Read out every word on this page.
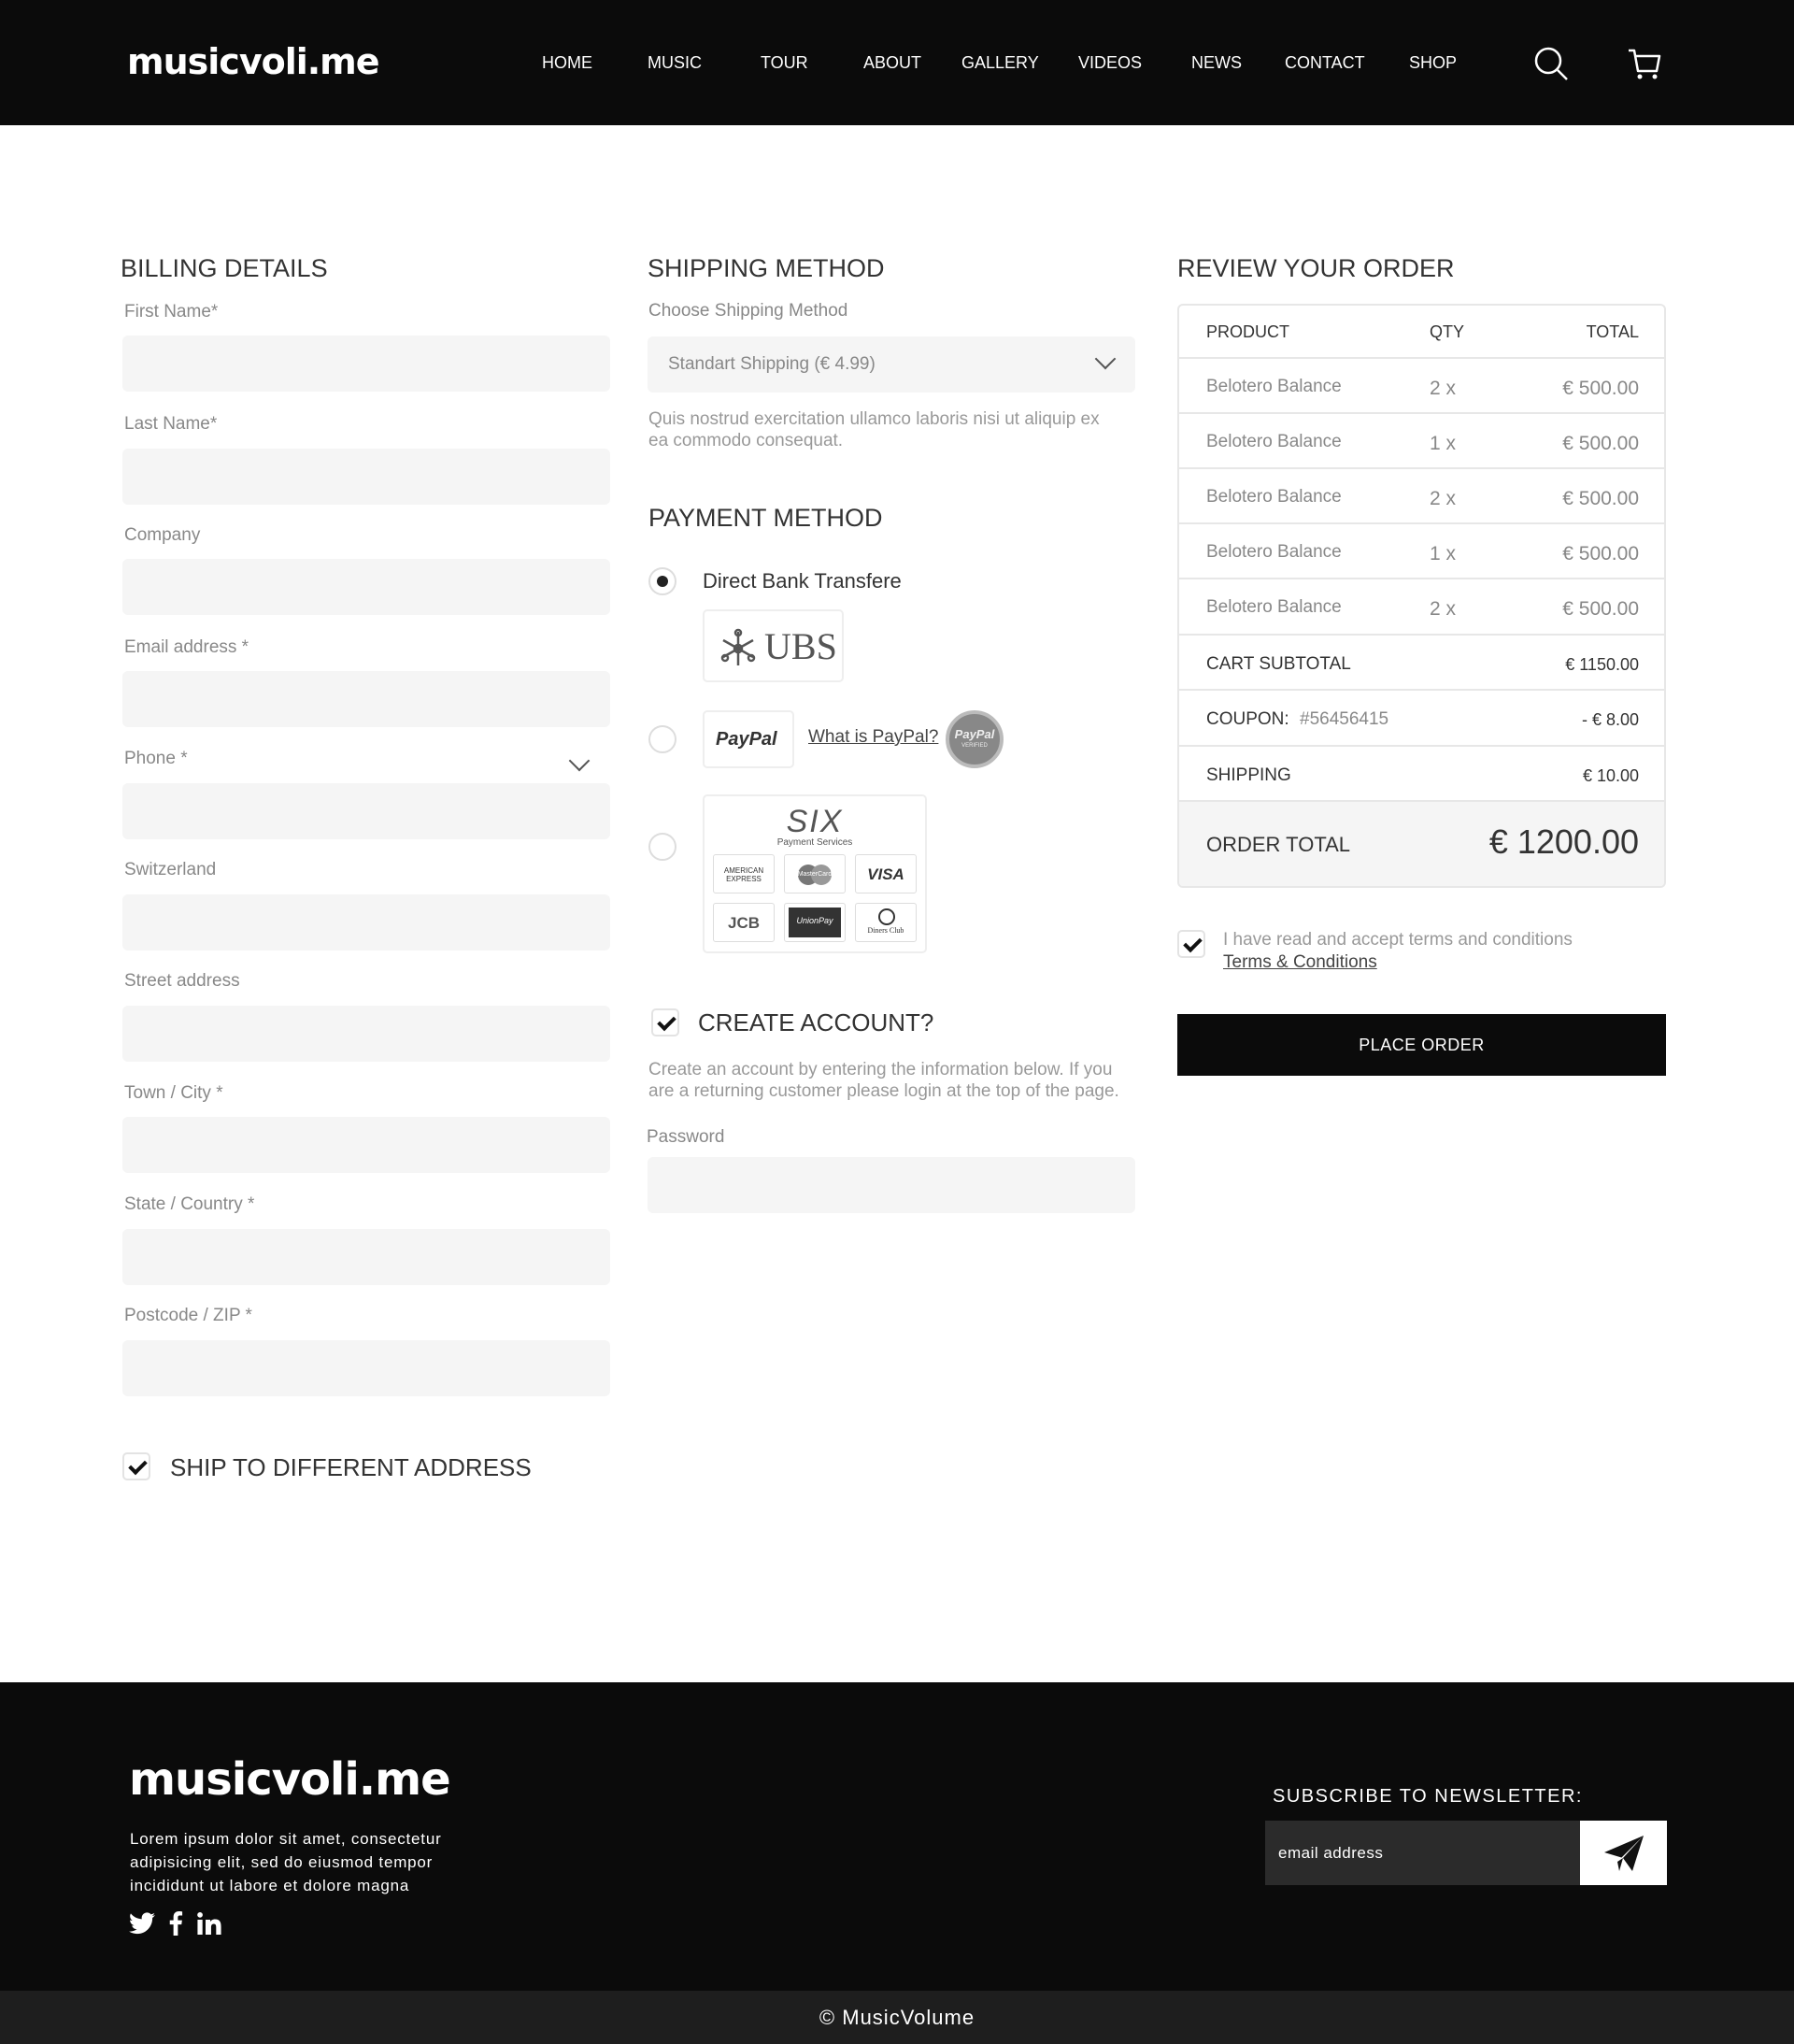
musicvoli.me	HOME	MUSIC	TOUR	ABOUT GALLERY VIDEOS	NEWS	CONTACT	SHOP
BILLING DETAILS
First Name*
Last Name*
Company
Email address *
Phone *
Switzerland
Street address
Town / City *
State / Country *
Postcode / ZIP *
SHIP TO DIFFERENT ADDRESS
SHIPPING METHOD
Choose Shipping Method
Standart Shipping (€ 4.99)
Quis nostrud exercitation ullamco laboris nisi ut aliquip ex
ea commodo consequat.
PAYMENT METHOD
Direct Bank Transfere
UBS
PayPal What is PayPal?	PayPal
VERIFIED
SIX
Payment Services
AMERICAN EXPRESS
MasterCard	VISA
JCB	UnionPay
Diners Club
CREATE ACCOUNT?
Create an account by entering the information below. If you
are a returning customer please login at the top of the page.
Password
REVIEW YOUR ORDER
PRODUCT	QTY	TOTAL
Belotero Balance	2 x	€ 500.00
Belotero Balance	1 x	€ 500.00
Belotero Balance	2 x	€ 500.00
Belotero Balance	1 x	€ 500.00
Belotero Balance	2 x	€ 500.00
CART SUBTOTAL	€ 1150.00
COUPON: #56456415	- € 8.00
SHIPPING	€ 10.00
ORDER TOTAL	€ 1200.00
I have read and accept terms and conditions
Terms & Conditions
PLACE ORDER
musicvoli.me
Lorem ipsum dolor sit amet, consectetur
adipisicing elit, sed do eiusmod tempor
incididunt ut labore et dolore magna
SUBSCRIBE TO NEWSLETTER:
email address
© MusicVolume
